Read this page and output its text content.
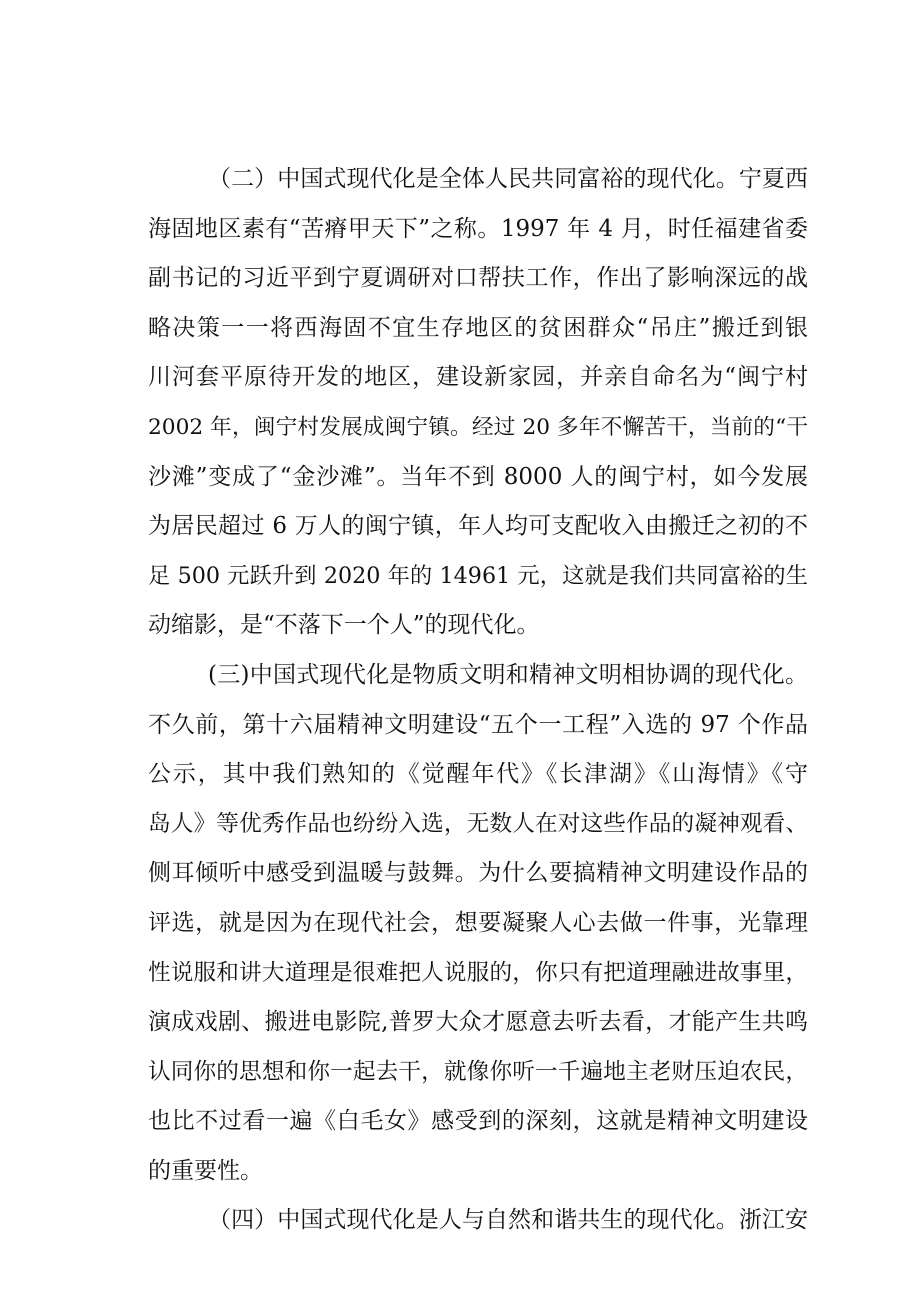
（二）中国式现代化是全体人民共同富裕的现代化。宁夏西
海固地区素有“苦瘠甲天下”之称。1997 年 4 月，时任福建省委
副书记的习近平到宁夏调研对口帮扶工作，作出了影响深远的战
略决策一一将西海固不宜生存地区的贫困群众“吊庄”搬迁到银
川河套平原待开发的地区，建设新家园，并亲自命名为“闽宁村
2002 年，闽宁村发展成闽宁镇。经过 20 多年不懈苦干，当前的“干
沙滩”变成了“金沙滩”。当年不到 8000 人的闽宁村，如今发展
为居民超过 6 万人的闽宁镇，年人均可支配收入由搬迁之初的不
足 500 元跃升到 2020 年的 14961 元，这就是我们共同富裕的生
动缩影，是“不落下一个人”的现代化。
(三)中国式现代化是物质文明和精神文明相协调的现代化。
不久前，第十六届精神文明建设“五个一工程”入选的 97 个作品
公示，其中我们熟知的《觉醒年代》《长津湖》《山海情》《守
岛人》等优秀作品也纷纷入选，无数人在对这些作品的凝神观看、
侧耳倾听中感受到温暖与鼓舞。为什么要搞精神文明建设作品的
评选，就是因为在现代社会，想要凝聚人心去做一件事，光靠理
性说服和讲大道理是很难把人说服的，你只有把道理融进故事里，
演成戏剧、搬进电影院,普罗大众才愿意去听去看，才能产生共鸣
认同你的思想和你一起去干，就像你听一千遍地主老财压迫农民，
也比不过看一遍《白毛女》感受到的深刻，这就是精神文明建设
的重要性。
（四）中国式现代化是人与自然和谐共生的现代化。浙江安
